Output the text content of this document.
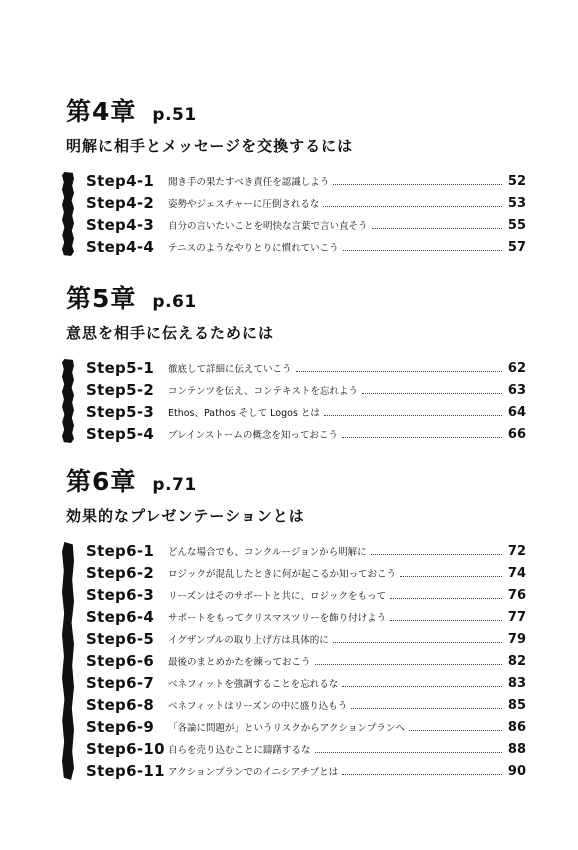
第4章 p.51
明解に相手とメッセージを交換するには
Step4-1	聞き手の果たすべき責任を認識しよう	52
Step4-2	姿勢やジェスチャーに圧倒されるな	53
Step4-3	自分の言いたいことを明快な言葉で言い直そう	55
Step4-4	テニスのようなやりとりに慣れていこう	57
第5章 p.61
意思を相手に伝えるためには
Step5-1	徹底して詳細に伝えていこう	62
Step5-2	コンテンツを伝え、コンテキストを忘れよう	63
Step5-3	Ethos、Pathos そして Logos とは	64
Step5-4	ブレインストームの概念を知っておこう	66
第6章 p.71
効果的なプレゼンテーションとは
Step6-1	どんな場合でも、コンクルージョンから明解に	72
Step6-2	ロジックが混乱したときに何が起こるか知っておこう	74
Step6-3	リーズンはそのサポートと共に、ロジックをもって	76
Step6-4	サポートをもってクリスマスツリーを飾り付けよう	77
Step6-5	イグザンプルの取り上げ方は具体的に	79
Step6-6	最後のまとめかたを練っておこう	82
Step6-7	ベネフィットを強調することを忘れるな	83
Step6-8	ベネフィットはリーズンの中に盛り込もう	85
Step6-9	「各論に問題が」というリスクからアクションプランへ	86
Step6-10 自らを売り込むことに躊躇するな	88
Step6-11 アクションプランでのイニシアチブとは	90
